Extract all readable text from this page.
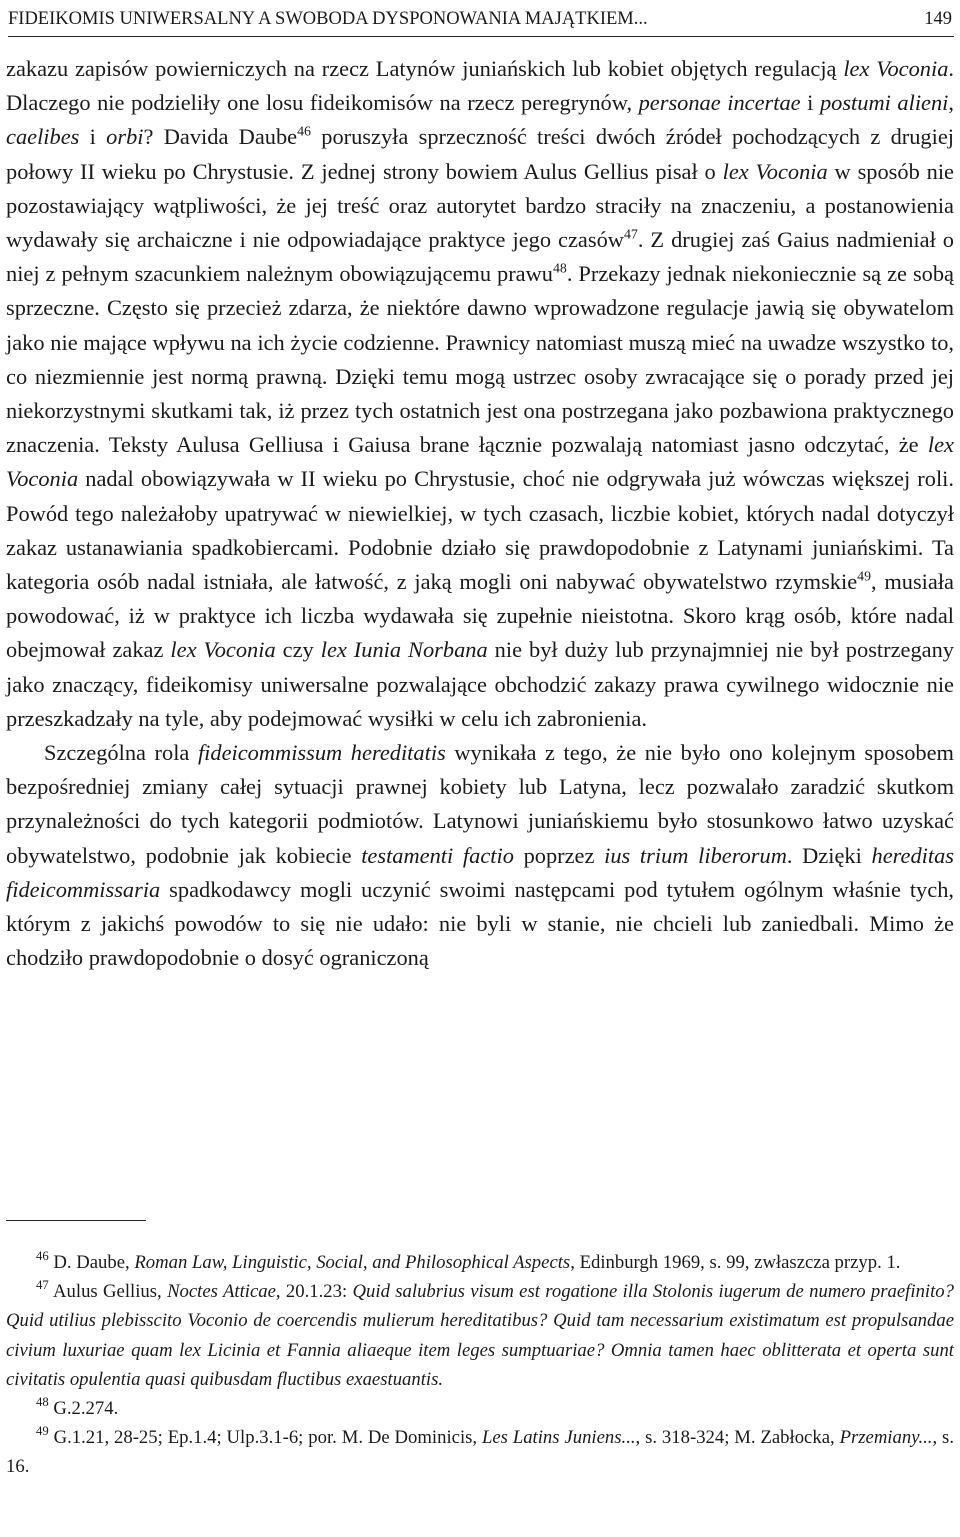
FIDEIKOMIS UNIWERSALNY A SWOBODA DYSPONOWANIA MAJĄTKIEM...	149

zakazu zapisów powierniczych na rzecz Latynów juniańskich lub kobiet objętych regulacją lex Voconia. Dlaczego nie podzieliły one losu fideikomisów na rzecz peregrynów, personae incertae i postumi alieni, caelibes i orbi? Davida Daube$^{46}$ poruszyła sprzeczność treści dwóch źródeł pochodzących z drugiej połowy II wieku po Chrystusie. Z jednej strony bowiem Aulus Gellius pisał o lex Voconia w sposób nie pozostawiający wątpliwości, że jej treść oraz autorytet bardzo straciły na znaczeniu, a postanowienia wydawały się archaiczne i nie odpowiadające praktyce jego czasów$^{47}$. Z drugiej zaś Gaius nadmieniał o niej z pełnym szacunkiem należnym obowiązującemu prawu$^{48}$. Przekazy jednak niekoniecznie są ze sobą sprzeczne. Często się przecież zdarza, że niektóre dawno wprowadzone regulacje jawią się obywatelom jako nie mające wpływu na ich życie codzienne. Prawnicy natomiast muszą mieć na uwadze wszystko to, co niezmiennie jest normą prawną. Dzięki temu mogą ustrzec osoby zwracające się o porady przed jej niekorzystnymi skutkami tak, iż przez tych ostatnich jest ona postrzegana jako pozbawiona praktycznego znaczenia. Teksty Aulusa Gelliusa i Gaiusa brane łącznie pozwalają natomiast jasno odczytać, że lex Voconia nadal obowiązywała w II wieku po Chrystusie, choć nie odgrywała już wówczas większej roli. Powód tego należałoby upatrywać w niewielkiej, w tych czasach, liczbie kobiet, których nadal dotyczył zakaz ustanawiania spadkobiercami. Podobnie działo się prawdopodobnie z Latynami juniańskimi. Ta kategoria osób nadal istniała, ale łatwość, z jaką mogli oni nabywać obywatelstwo rzymskie$^{49}$, musiała powodować, iż w praktyce ich liczba wydawała się zupełnie nieistotna. Skoro krąg osób, które nadal obejmował zakaz lex Voconia czy lex Iunia Norbana nie był duży lub przynajmniej nie był postrzegany jako znaczący, fideikomisy uniwersalne pozwalające obchodzić zakazy prawa cywilnego widocznie nie przeszkadzały na tyle, aby podejmować wysiłki w celu ich zabronienia.

Szczególna rola fideicommissum hereditatis wynikała z tego, że nie było ono kolejnym sposobem bezpośredniej zmiany całej sytuacji prawnej kobiety lub Latyna, lecz pozwalało zaradzić skutkom przynależności do tych kategorii podmiotów. Latynowi juniańskiemu było stosunkowo łatwo uzyskać obywatelstwo, podobnie jak kobiecie testamenti factio poprzez ius trium liberorum. Dzięki hereditas fideicommissaria spadkodawcy mogli uczynić swoimi następcami pod tytułem ogólnym właśnie tych, którym z jakichś powodów to się nie udało: nie byli w stanie, nie chcieli lub zaniedbali. Mimo że chodziło prawdopodobnie o dosyć ograniczoną

$^{46}$ D. Daube, Roman Law, Linguistic, Social, and Philosophical Aspects, Edinburgh 1969, s. 99, zwłaszcza przyp. 1.

$^{47}$ Aulus Gellius, Noctes Atticae, 20.1.23: Quid salubrius visum est rogatione illa Stolonis iugerum de numero praefinito? Quid utilius plebisscito Voconio de coercendis mulierum hereditatibus? Quid tam necessarium existimatum est propulsandae civium luxuriae quam lex Licinia et Fannia aliaeque item leges sumptuariae? Omnia tamen haec oblitterata et operta sunt civitatis opulentia quasi quibusdam fluctibus exaestuantis.

$^{48}$ G.2.274.

$^{49}$ G.1.21, 28-25; Ep.1.4; Ulp.3.1-6; por. M. De Dominicis, Les Latins Juniens..., s. 318-324; M. Zabłocka, Przemiany..., s. 16.
